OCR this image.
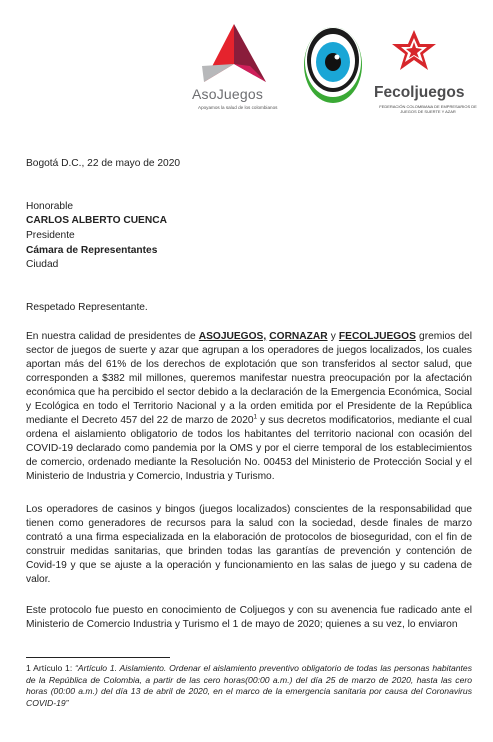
AsoJuegos
Apoyamos la salud de los colombianos
Fecoljuegos
FEDERACIÓN COLOMBIANA DE EMPRESARIOS DE JUEGOS DE SUERTE Y AZAR
Bogotá D.C., 22 de mayo de 2020
Honorable
CARLOS ALBERTO CUENCA
Presidente
Cámara de Representantes
Ciudad
Respetado Representante.

En nuestra calidad de presidentes de ASOJUEGOS, CORNAZAR y FECOLJUEGOS gremios del sector de juegos de suerte y azar que agrupan a los operadores de juegos localizados, los cuales aportan más del 61% de los derechos de explotación que son transferidos al sector salud, que corresponden a $382 mil millones, queremos manifestar nuestra preocupación por la afectación económica que ha percibido el sector debido a la declaración de la Emergencia Económica, Social y Ecológica en todo el Territorio Nacional y a la orden emitida por el Presidente de la República mediante el Decreto 457 del 22 de marzo de 2020$^1$ y sus decretos modificatorios, mediante el cual ordena el aislamiento obligatorio de todos los habitantes del territorio nacional con ocasión del COVID-19 declarado como pandemia por la OMS y por el cierre temporal de los establecimientos de comercio, ordenado mediante la Resolución No. 00453 del Ministerio de Protección Social y el Ministerio de Industria y Comercio, Industria y Turismo.

Los operadores de casinos y bingos (juegos localizados) conscientes de la responsabilidad que tienen como generadores de recursos para la salud con la sociedad, desde finales de marzo contrató a una firma especializada en la elaboración de protocolos de bioseguridad, con el fin de construir medidas sanitarias, que brinden todas las garantías de prevención y contención de Covid-19 y que se ajuste a la operación y funcionamiento en las salas de juego y su cadena de valor.

Este protocolo fue puesto en conocimiento de Coljuegos y con su avenencia fue radicado ante el Ministerio de Comercio Industria y Turismo el 1 de mayo de 2020; quienes a su vez, lo enviaron

1 Artículo 1: “Artículo 1. Aislamiento. Ordenar el aislamiento preventivo obligatorio de todas las personas habitantes de la República de Colombia, a partir de las cero horas(00:00 a.m.) del día 25 de marzo de 2020, hasta las cero horas (00:00 a.m.) del día 13 de abril de 2020, en el marco de la emergencia sanitaria por causa del Coronavirus COVID-19”
